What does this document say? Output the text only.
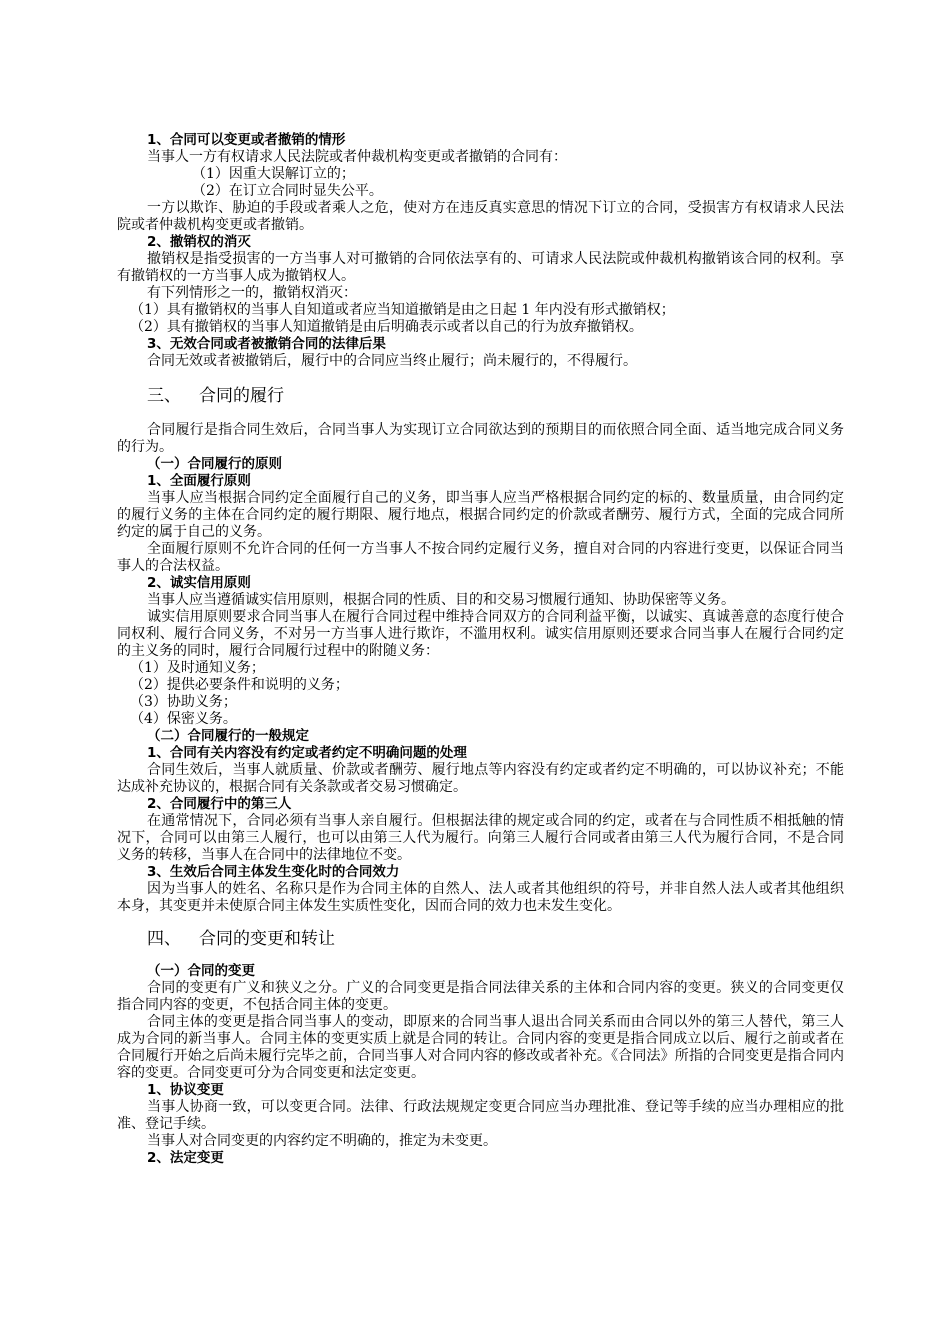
1、合同可以变更或者撤销的情形
当事人一方有权请求人民法院或者仲裁机构变更或者撤销的合同有：
（1）因重大误解订立的；
（2）在订立合同时显失公平。
一方以欺诈、胁迫的手段或者乘人之危，使对方在违反真实意思的情况下订立的合同，受损害方有权请求人民法院或者仲裁机构变更或者撤销。
2、撤销权的消灭
撤销权是指受损害的一方当事人对可撤销的合同依法享有的、可请求人民法院或仲裁机构撤销该合同的权利。享有撤销权的一方当事人成为撤销权人。
有下列情形之一的，撤销权消灭：
（1）具有撤销权的当事人自知道或者应当知道撤销是由之日起 1 年内没有形式撤销权；
（2）具有撤销权的当事人知道撤销是由后明确表示或者以自己的行为放弃撤销权。
3、无效合同或者被撤销合同的法律后果
合同无效或者被撤销后，履行中的合同应当终止履行；尚未履行的，不得履行。
三、 合同的履行
合同履行是指合同生效后，合同当事人为实现订立合同欲达到的预期目的而依照合同全面、适当地完成合同义务的行为。
（一）合同履行的原则
1、全面履行原则
当事人应当根据合同约定全面履行自己的义务，即当事人应当严格根据合同约定的标的、数量质量，由合同约定的履行义务的主体在合同约定的履行期限、履行地点，根据合同约定的价款或者酬劳、履行方式，全面的完成合同所约定的属于自己的义务。
全面履行原则不允许合同的任何一方当事人不按合同约定履行义务，擅自对合同的内容进行变更，以保证合同当事人的合法权益。
2、诚实信用原则
当事人应当遵循诚实信用原则，根据合同的性质、目的和交易习惯履行通知、协助保密等义务。
诚实信用原则要求合同当事人在履行合同过程中维持合同双方的合同利益平衡，以诚实、真诚善意的态度行使合同权利、履行合同义务，不对另一方当事人进行欺诈，不滥用权利。诚实信用原则还要求合同当事人在履行合同约定的主义务的同时，履行合同履行过程中的附随义务：
（1）及时通知义务；
（2）提供必要条件和说明的义务；
（3）协助义务；
（4）保密义务。
（二）合同履行的一般规定
1、合同有关内容没有约定或者约定不明确问题的处理
合同生效后，当事人就质量、价款或者酬劳、履行地点等内容没有约定或者约定不明确的，可以协议补充；不能达成补充协议的，根据合同有关条款或者交易习惯确定。
2、合同履行中的第三人
在通常情况下，合同必须有当事人亲自履行。但根据法律的规定或合同的约定，或者在与合同性质不相抵触的情况下，合同可以由第三人履行，也可以由第三人代为履行。向第三人履行合同或者由第三人代为履行合同，不是合同义务的转移，当事人在合同中的法律地位不变。
3、生效后合同主体发生变化时的合同效力
因为当事人的姓名、名称只是作为合同主体的自然人、法人或者其他组织的符号，并非自然人法人或者其他组织本身，其变更并未使原合同主体发生实质性变化，因而合同的效力也未发生变化。
四、 合同的变更和转让
（一）合同的变更
合同的变更有广义和狭义之分。广义的合同变更是指合同法律关系的主体和合同内容的变更。狭义的合同变更仅指合同内容的变更，不包括合同主体的变更。
合同主体的变更是指合同当事人的变动，即原来的合同当事人退出合同关系而由合同以外的第三人替代，第三人成为合同的新当事人。合同主体的变更实质上就是合同的转让。合同内容的变更是指合同成立以后、履行之前或者在合同履行开始之后尚未履行完毕之前，合同当事人对合同内容的修改或者补充。《合同法》所指的合同变更是指合同内容的变更。合同变更可分为合同变更和法定变更。
1、协议变更
当事人协商一致，可以变更合同。法律、行政法规规定变更合同应当办理批准、登记等手续的应当办理相应的批准、登记手续。
当事人对合同变更的内容约定不明确的，推定为未变更。
2、法定变更
